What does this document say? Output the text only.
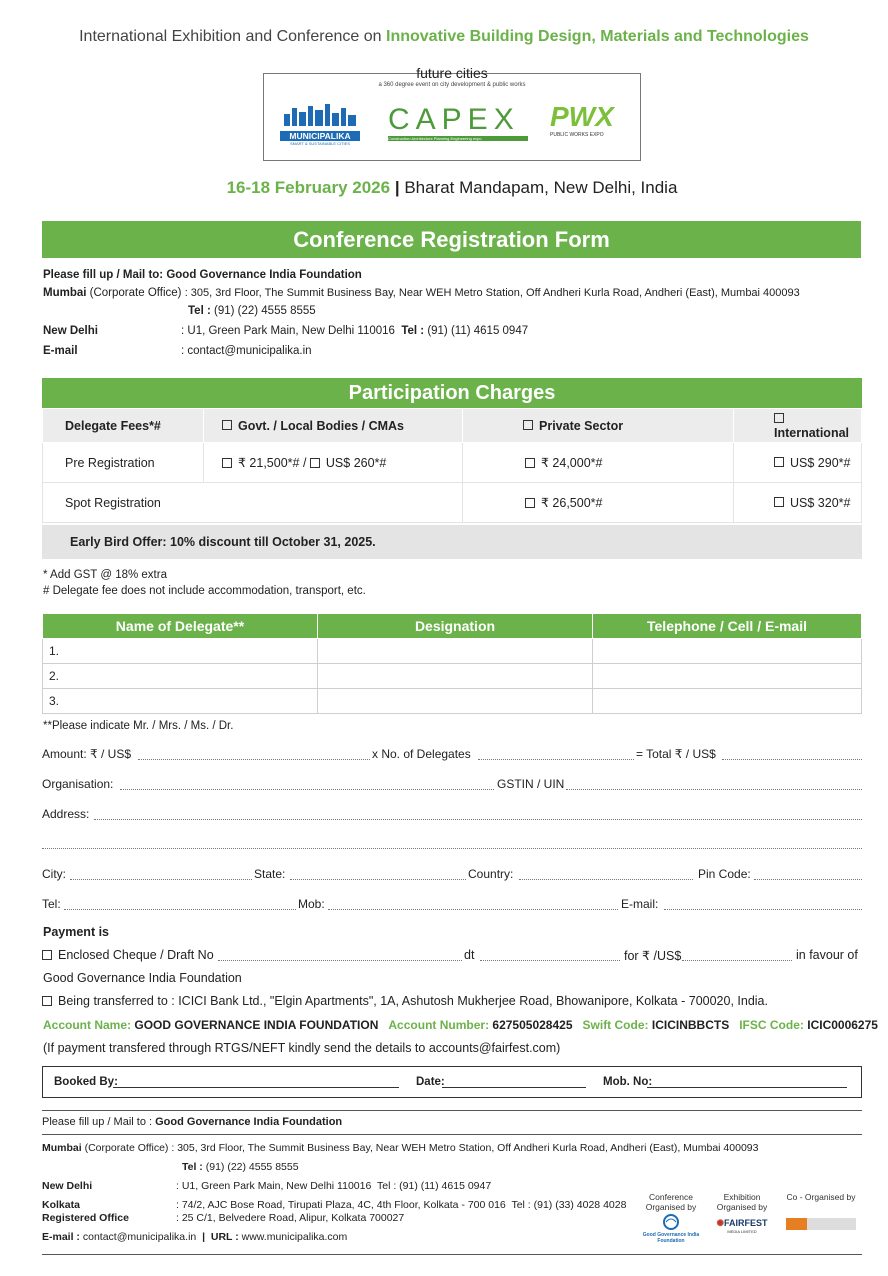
International Exhibition and Conference on Innovative Building Design, Materials and Technologies
future cities
a 360 degree event on city development & public works
MUNICIPALIKA
SMART & SUSTAINABLE CITIES
CAPEX
Construction Architecture Planning Engineering expo
PWX
PUBLIC WORKS EXPO
16-18 February 2026 | Bharat Mandapam, New Delhi, India
Conference Registration Form
Please fill up / Mail to: Good Governance India Foundation
Mumbai (Corporate Office) : 305, 3rd Floor, The Summit Business Bay, Near WEH Metro Station, Off Andheri Kurla Road, Andheri (East), Mumbai 400093
Tel : (91) (22) 4555 8555
New Delhi	: U1, Green Park Main, New Delhi 110016 Tel : (91) (11) 4615 0947
E-mail	: contact@municipalika.in
Participation Charges
Delegate Fees*#	Govt. / Local Bodies / CMAs	Private Sector	International
Pre Registration	₹ 21,500*# / US$ 260*#	₹ 24,000*#	US$ 290*#
Spot Registration		₹ 26,500*#	US$ 320*#
Early Bird Offer: 10% discount till October 31, 2025.
* Add GST @ 18% extra
# Delegate fee does not include accommodation, transport, etc.
Name of Delegate**	Designation	Telephone / Cell / E-mail
1.		
2.		
3.		
**Please indicate Mr. / Mrs. / Ms. / Dr.
Amount: ₹ / US$	x No. of Delegates	= Total ₹ / US$
Organisation:	GSTIN / UIN
Address:
City:	State:	Country:	Pin Code:
Tel:	Mob:	E-mail:
Payment is
Enclosed Cheque / Draft No	dt	for ₹ /US$	in favour of
Good Governance India Foundation
Being transferred to : ICICI Bank Ltd., "Elgin Apartments", 1A, Ashutosh Mukherjee Road, Bhowanipore, Kolkata - 700020, India.
Account Name: GOOD GOVERNANCE INDIA FOUNDATION Account Number: 627505028425 Swift Code: ICICINBBCTS IFSC Code: ICIC0006275
(If payment transfered through RTGS/NEFT kindly send the details to accounts@fairfest.com)
Booked By:	Date:	Mob. No:
Please fill up / Mail to : Good Governance India Foundation
Mumbai (Corporate Office) : 305, 3rd Floor, The Summit Business Bay, Near WEH Metro Station, Off Andheri Kurla Road, Andheri (East), Mumbai 400093
Tel : (91) (22) 4555 8555
New Delhi	: U1, Green Park Main, New Delhi 110016 Tel : (91) (11) 4615 0947
Kolkata	: 74/2, AJC Bose Road, Tirupati Plaza, 4C, 4th Floor, Kolkata - 700 016 Tel : (91) (33) 4028 4028
Registered Office	: 25 C/1, Belvedere Road, Alipur, Kolkata 700027
E-mail : contact@municipalika.in | URL : www.municipalika.com
Conference Organised by
Good Governance India Foundation
Exhibition Organised by
✺FAIRFEST
MEDIA LIMITED
Co - Organised by
